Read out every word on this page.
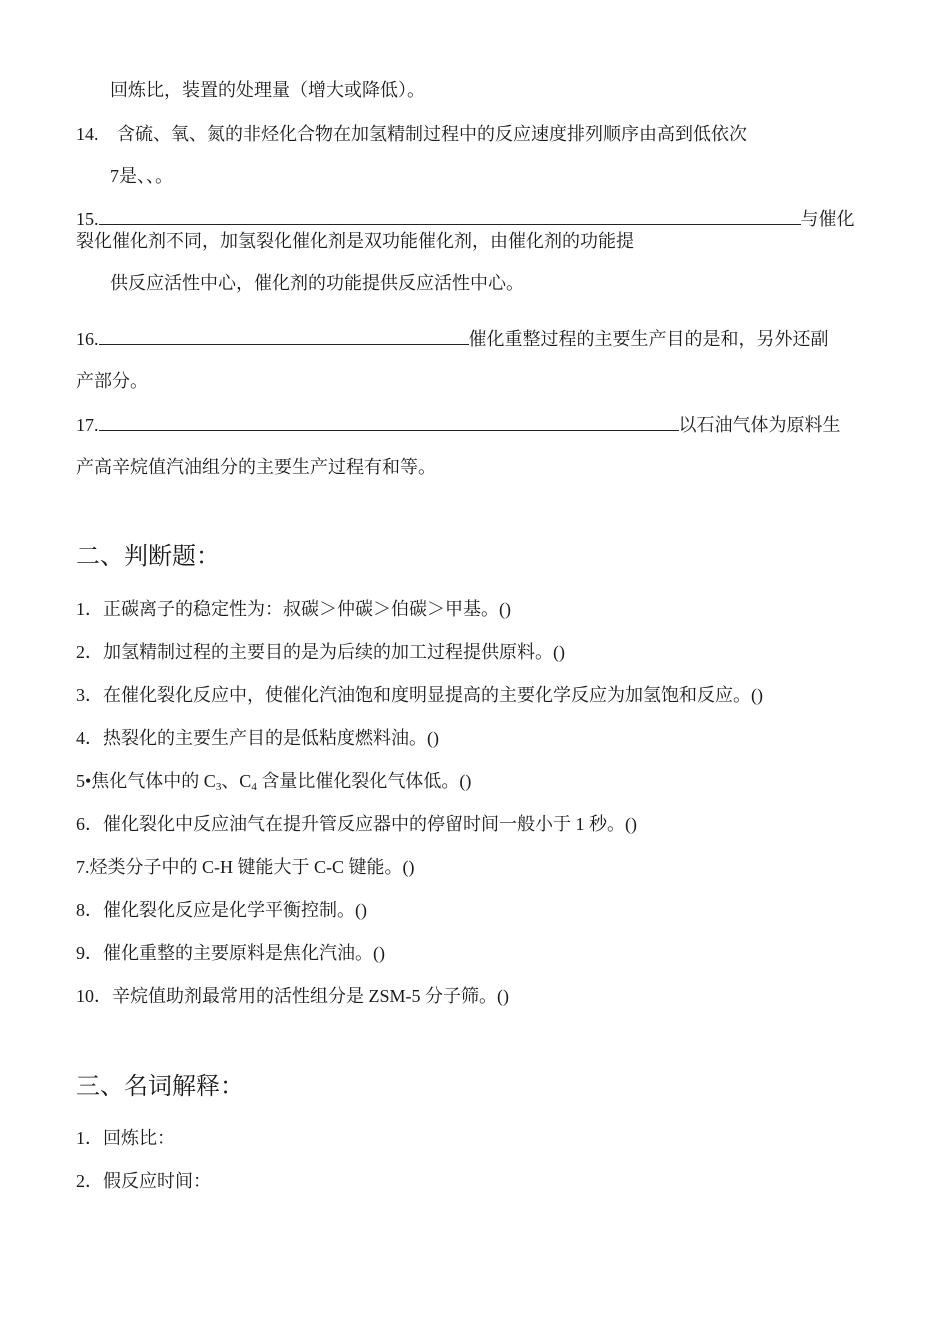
回炼比，装置的处理量（增大或降低）。
14. 含硫、氧、氮的非烃化合物在加氢精制过程中的反应速度排列顺序由高到低依次
7是、、。
15.	与催化
裂化催化剂不同，加氢裂化催化剂是双功能催化剂，由催化剂的功能提
供反应活性中心，催化剂的功能提供反应活性中心。
16.	催化重整过程的主要生产目的是和，另外还副
产部分。
17.	以石油气体为原料生
产高辛烷值汽油组分的主要生产过程有和等。
二、判断题：
1．正碳离子的稳定性为：叔碳＞仲碳＞伯碳＞甲基。()
2．加氢精制过程的主要目的是为后续的加工过程提供原料。()
3．在催化裂化反应中，使催化汽油饱和度明显提高的主要化学反应为加氢饱和反应。()
4．热裂化的主要生产目的是低粘度燃料油。()
5•焦化气体中的 $C_3$、$C_4$ 含量比催化裂化气体低。()
6．催化裂化中反应油气在提升管反应器中的停留时间一般小于 1 秒。()
7.烃类分子中的 C-H 键能大于 C-C 键能。()
8．催化裂化反应是化学平衡控制。()
9．催化重整的主要原料是焦化汽油。()
10．辛烷值助剂最常用的活性组分是 ZSM-5 分子筛。()
三、名词解释：
1．回炼比：
2．假反应时间：
